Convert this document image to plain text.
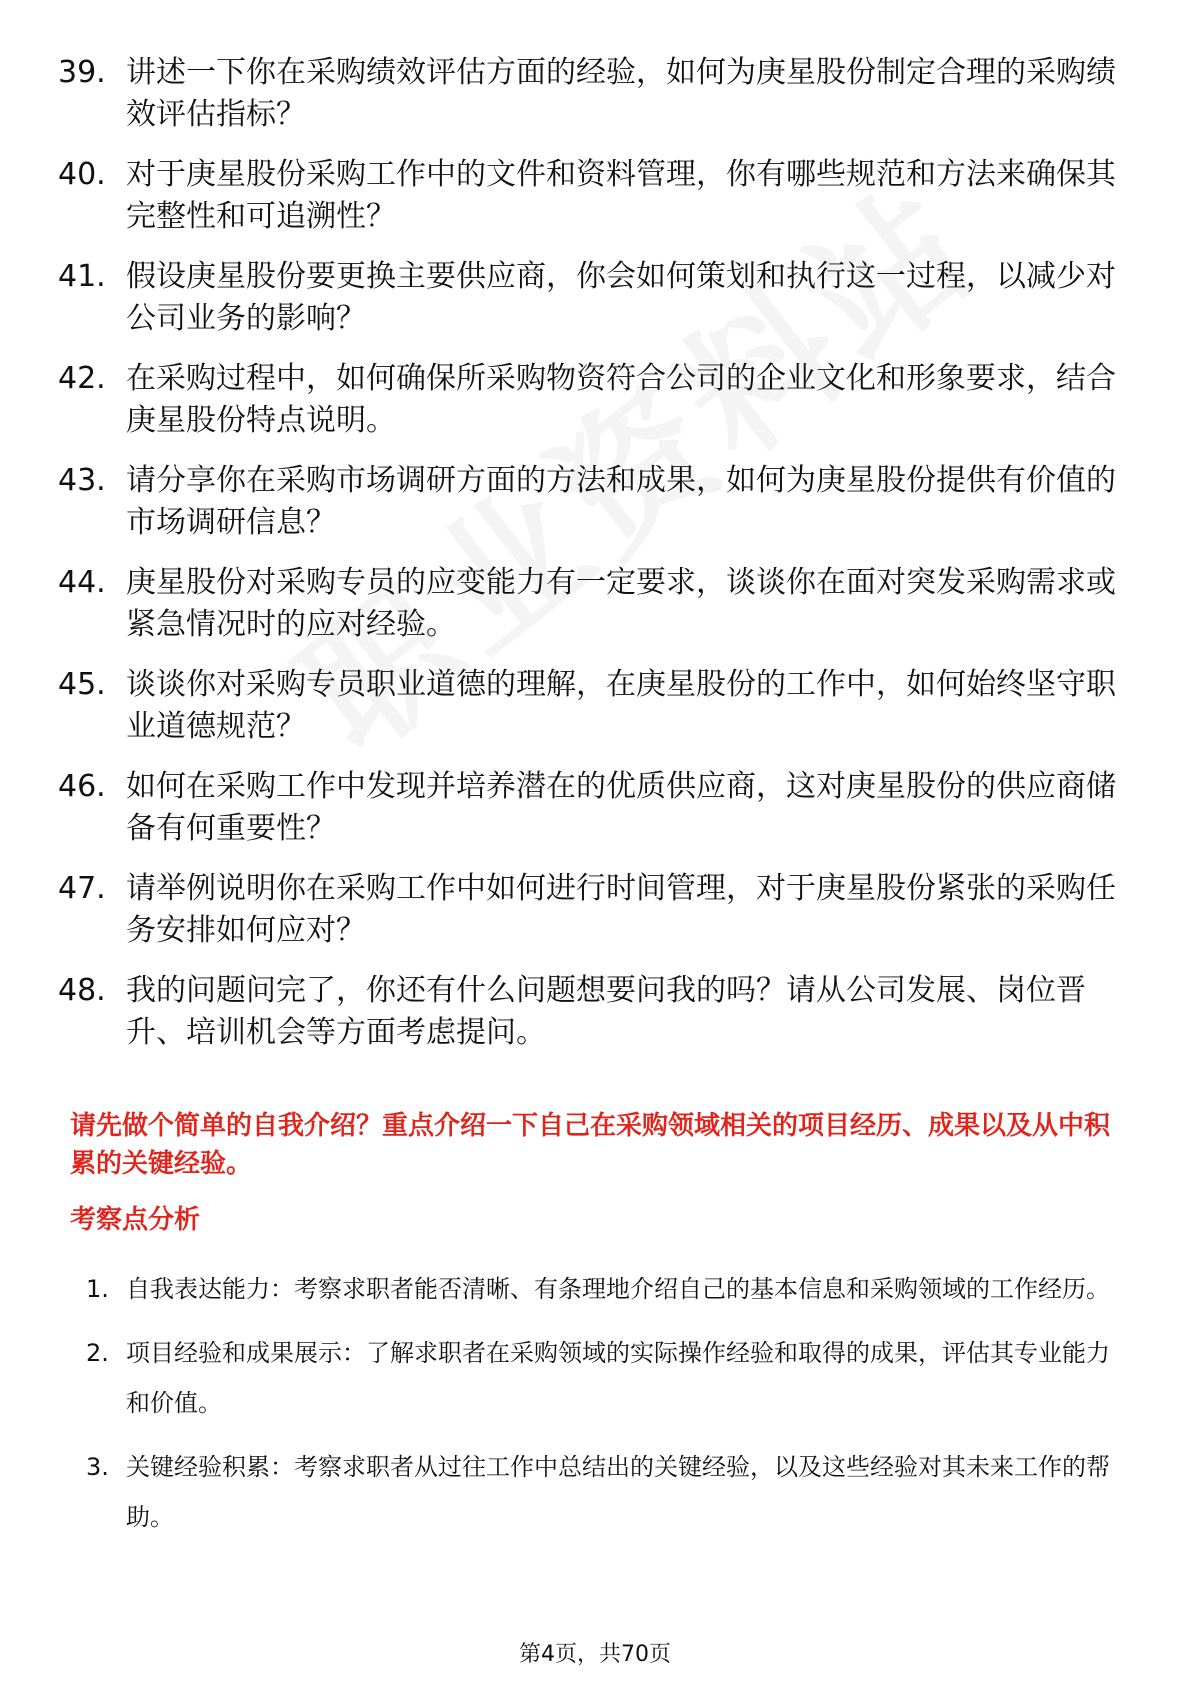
39. 讲述一下你在采购绩效评估方面的经验，如何为庚星股份制定合理的采购绩效评估指标？
40. 对于庚星股份采购工作中的文件和资料管理，你有哪些规范和方法来确保其完整性和可追溯性？
41. 假设庚星股份要更换主要供应商，你会如何策划和执行这一过程，以减少对公司业务的影响？
42. 在采购过程中，如何确保所采购物资符合公司的企业文化和形象要求，结合庚星股份特点说明。
43. 请分享你在采购市场调研方面的方法和成果，如何为庚星股份提供有价值的市场调研信息？
44. 庚星股份对采购专员的应变能力有一定要求，谈谈你在面对突发采购需求或紧急情况时的应对经验。
45. 谈谈你对采购专员职业道德的理解，在庚星股份的工作中，如何始终坚守职业道德规范？
46. 如何在采购工作中发现并培养潜在的优质供应商，这对庚星股份的供应商储备有何重要性？
47. 请举例说明你在采购工作中如何进行时间管理，对于庚星股份紧张的采购任务安排如何应对？
48. 我的问题问完了，你还有什么问题想要问我的吗？请从公司发展、岗位晋升、培训机会等方面考虑提问。
请先做个简单的自我介绍？重点介绍一下自己在采购领域相关的项目经历、成果以及从中积累的关键经验。
考察点分析
1. 自我表达能力：考察求职者能否清晰、有条理地介绍自己的基本信息和采购领域的工作经历。
2. 项目经验和成果展示：了解求职者在采购领域的实际操作经验和取得的成果，评估其专业能力和价值。
3. 关键经验积累：考察求职者从过往工作中总结出的关键经验，以及这些经验对其未来工作的帮助。
第4页，共70页
